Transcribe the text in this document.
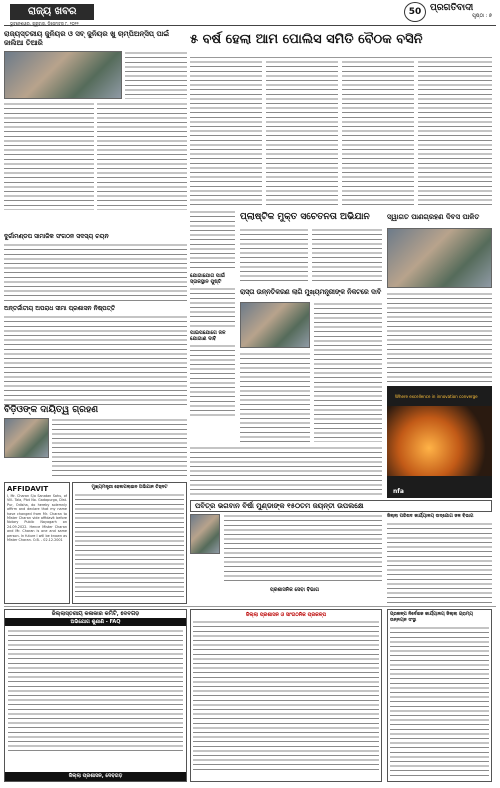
ରାଜ୍ୟ ଖବର
ଭୁବନେଶ୍ୱର, ଗୁରୁବାର, ଡିସେମ୍ବର ୮, ୨୦୨୨
50 ପ୍ରଗତିବାଦୀ
ପୃଷ୍ଠା : ୭
ରାଜ୍ୟସ୍ତରୀୟ ଜୁନିୟର ଓ ସବ୍ ଜୁନିୟର ଖୁ ଚାମ୍ପିଅନ୍‌ସିପ୍‌ ପାଇଁ ଜାଲିଆ ତିଆରି
ଦୁର୍ଗାମଣ୍ଡପ ସାମାଜିକ ସଂଗଠନ ସଦସ୍ୟ ଚୟନ
ଅନ୍ତର୍ଜାତୀୟ ଅପରାଧ ସୀମା ପ୍ରଶାସନ ନିଷ୍ପତ୍ତି
ବିଡ଼ିଓଙ୍କ ଦାୟିତ୍ୱ ଗ୍ରହଣ
AFFIDAVIT
I, Mr. Charan S/o Sanatan Sahu, of Vill- Tala, Plot No. Gadapurga, Dist. Pur, Odisha, do hereby solemnly affirm and declare that my name have changed from Mr. Charan to Mister Charan vide affidavit before Notary Public Nayagarh on 24.09.2022. Hence Mister Charan and Mr. Charan is one and same person. In future I will be known as Mister Charan. O.B. - 02.12.2001
ମୁଖ୍ୟମନ୍ତ୍ରୀ ହେଲପଲାଇନ ଅଭିଯାନ ଚିହ୍ନଟ
୫ ବର୍ଷ ହେଲା ଆମ ପୋଲିସ ସମିତି ବୈଠକ ବସିନି
ପ୍ଲାଷ୍ଟିକ ମୁକ୍ତ ସଚେତନତା ଅଭିଯାନ	ସ୍ୱାଗତ ପାଣଗ୍ରହଣ ଦିବସ ପାଳିତ
ଯୋଗାଯୋଗ ପାଇଁ ସ୍ତାକସ୍ଥାନ ପୁଷ୍ଟି
ପାଇପଯୋଗେ ଜଳ ଯୋଗାଣ ଦାବି
ରାସ୍ତା ଉନ୍ନତିକରଣ ଲାଗି ମୁଖ୍ୟମନ୍ତ୍ରୀଙ୍କ ନିକଟରେ ଦାବି
Where excellence in innovation converge
nfa
ପବିତ୍ର ଭଗବାନ ବିର୍ଷା ମୁଣ୍ଡାଙ୍କ ୧୫୦ତମ ଜୟନ୍ତୀ ଉପଲକ୍ଷେ
ପ୍ରଶାସନିକ ସେବା ବିଭାଗ
ଜିଲ୍ଲା ପରିଷଦ କାର୍ଯ୍ୟାଳୟ ଉଦ୍‌ଯୋଗ ଜଳ ବିଭାଗ
ଜିଲ୍ଲାସ୍ତରୀୟ କଳାକାର କମିଟି, ଦେବଗଡ଼
ଅଭିଯୋଗ ଶୁଣାଣି - FAQ
ଜିଲ୍ଲା ପ୍ରଶାସନ, ଦେବଗଡ଼
ଜିଲ୍ଲା ପ୍ରଶାସନ ଓ ସାଂଗଠନିକ ପ୍ରକଳ୍ପ	ପ୍ରକଳ୍ପ ନିର୍ଦେଶକ କାର୍ଯ୍ୟାଳୟ ଜିଲ୍ଲା ଗ୍ରାମ୍ୟ ଉନ୍ନୟନ ସଂସ୍ଥା
